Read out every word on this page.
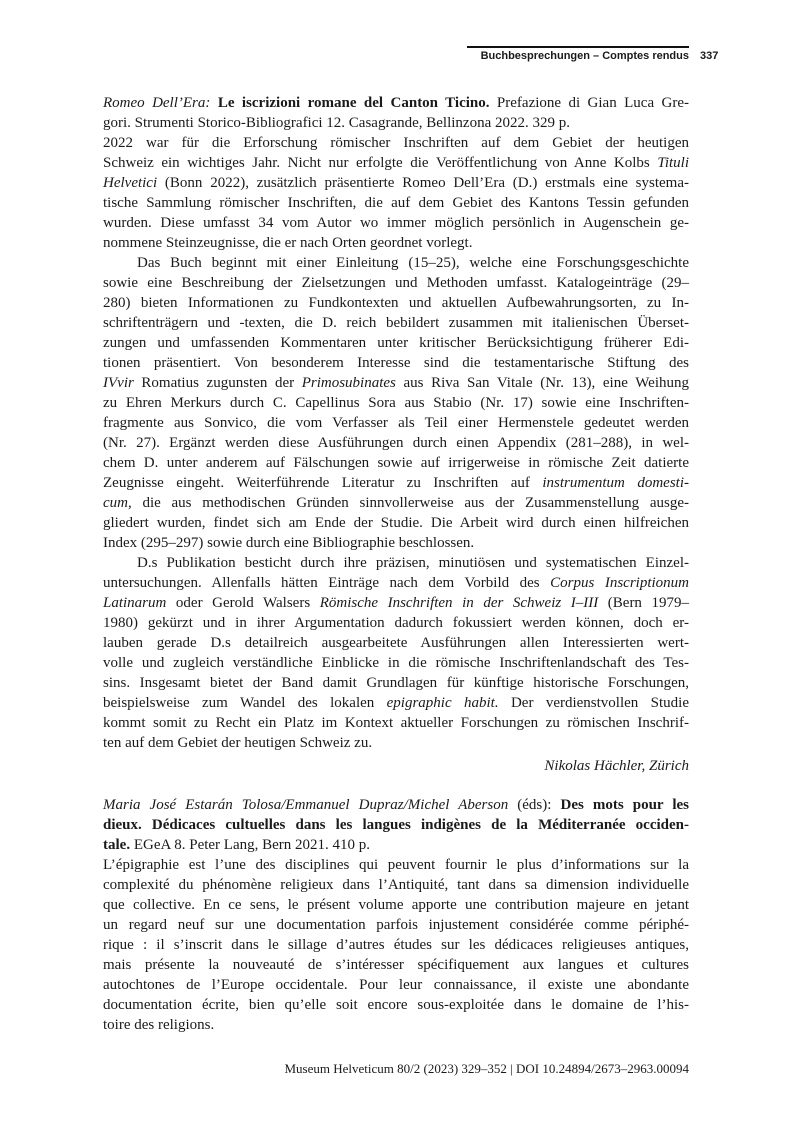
Buchbesprechungen – Comptes rendus 337
Romeo Dell’Era: Le iscrizioni romane del Canton Ticino. Prefazione di Gian Luca Gre-
gori. Strumenti Storico-Bibliografici 12. Casagrande, Bellinzona 2022. 329 p.
2022 war für die Erforschung römischer Inschriften auf dem Gebiet der heutigen
Schweiz ein wichtiges Jahr. Nicht nur erfolgte die Veröffentlichung von Anne Kolbs Tituli
Helvetici (Bonn 2022), zusätzlich präsentierte Romeo Dell’Era (D.) erstmals eine systema-
tische Sammlung römischer Inschriften, die auf dem Gebiet des Kantons Tessin gefunden
wurden. Diese umfasst 34 vom Autor wo immer möglich persönlich in Augenschein ge-
nommene Steinzeugnisse, die er nach Orten geordnet vorlegt.
Das Buch beginnt mit einer Einleitung (15–25), welche eine Forschungsgeschichte
sowie eine Beschreibung der Zielsetzungen und Methoden umfasst. Katalogeinträge (29–
280) bieten Informationen zu Fundkontexten und aktuellen Aufbewahrungsorten, zu In-
schriftenträgern und -texten, die D. reich bebildert zusammen mit italienischen Überset-
zungen und umfassenden Kommentaren unter kritischer Berücksichtigung früherer Edi-
tionen präsentiert. Von besonderem Interesse sind die testamentarische Stiftung des
IVvir Romatius zugunsten der Primosubinates aus Riva San Vitale (Nr. 13), eine Weihung
zu Ehren Merkurs durch C. Capellinus Sora aus Stabio (Nr. 17) sowie eine Inschriften-
fragmente aus Sonvico, die vom Verfasser als Teil einer Hermenstele gedeutet werden
(Nr. 27). Ergänzt werden diese Ausführungen durch einen Appendix (281–288), in wel-
chem D. unter anderem auf Fälschungen sowie auf irrigerweise in römische Zeit datierte
Zeugnisse eingeht. Weiterführende Literatur zu Inschriften auf instrumentum domesti-
cum, die aus methodischen Gründen sinnvollerweise aus der Zusammenstellung ausge-
gliedert wurden, findet sich am Ende der Studie. Die Arbeit wird durch einen hilfreichen
Index (295–297) sowie durch eine Bibliographie beschlossen.
D.s Publikation besticht durch ihre präzisen, minutiösen und systematischen Einzel-
untersuchungen. Allenfalls hätten Einträge nach dem Vorbild des Corpus Inscriptionum
Latinarum oder Gerold Walsers Römische Inschriften in der Schweiz I–III (Bern 1979–
1980) gekürzt und in ihrer Argumentation dadurch fokussiert werden können, doch er-
lauben gerade D.s detailreich ausgearbeitete Ausführungen allen Interessierten wert-
volle und zugleich verständliche Einblicke in die römische Inschriftenlandschaft des Tes-
sins. Insgesamt bietet der Band damit Grundlagen für künftige historische Forschungen,
beispielsweise zum Wandel des lokalen epigraphic habit. Der verdienstvollen Studie
kommt somit zu Recht ein Platz im Kontext aktueller Forschungen zu römischen Inschrif-
ten auf dem Gebiet der heutigen Schweiz zu.
Nikolas Hächler, Zürich
Maria José Estarán Tolosa/Emmanuel Dupraz/Michel Aberson (éds): Des mots pour les
dieux. Dédicaces cultuelles dans les langues indigènes de la Méditerranée occiden-
tale. EGeA 8. Peter Lang, Bern 2021. 410 p.
L’épigraphie est l’une des disciplines qui peuvent fournir le plus d’informations sur la
complexité du phénomène religieux dans l’Antiquité, tant dans sa dimension individuelle
que collective. En ce sens, le présent volume apporte une contribution majeure en jetant
un regard neuf sur une documentation parfois injustement considérée comme périphé-
rique : il s’inscrit dans le sillage d’autres études sur les dédicaces religieuses antiques,
mais présente la nouveauté de s’intéresser spécifiquement aux langues et cultures
autochtones de l’Europe occidentale. Pour leur connaissance, il existe une abondante
documentation écrite, bien qu’elle soit encore sous-exploitée dans le domaine de l’his-
toire des religions.
Museum Helveticum 80/2 (2023) 329–352 | DOI 10.24894/2673–2963.00094
